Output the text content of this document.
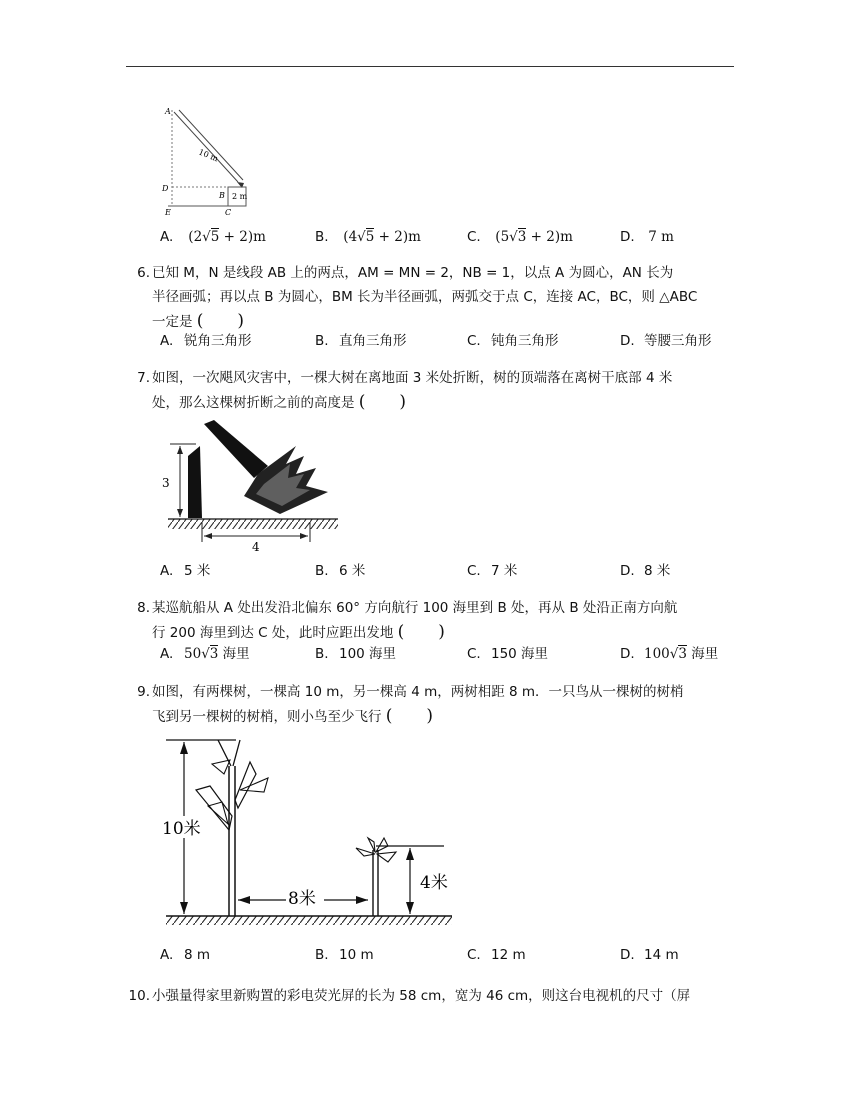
A
10 m
D
B 2 m
E	C
A. (2√5 + 2)m	B. (4√5 + 2)m	C. (5√3 + 2)m	D. 7 m
6. 已知 M，N 是线段 AB 上的两点，AM = MN = 2，NB = 1，以点 A 为圆心，AN 长为
半径画弧；再以点 B 为圆心，BM 长为半径画弧，两弧交于点 C，连接 AC，BC，则 △ABC
一定是 (　　)
A. 锐角三角形	B. 直角三角形	C. 钝角三角形	D. 等腰三角形
7. 如图，一次飓风灾害中，一棵大树在离地面 3 米处折断，树的顶端落在离树干底部 4 米
处，那么这棵树折断之前的高度是 (　　)
3
4
A. 5 米	B. 6 米	C. 7 米	D. 8 米
8. 某巡航船从 A 处出发沿北偏东 60° 方向航行 100 海里到 B 处，再从 B 处沿正南方向航
行 200 海里到达 C 处，此时应距出发地 (　　)
A. 50√3 海里	B. 100 海里	C. 150 海里	D. 100√3 海里
9. 如图，有两棵树，一棵高 10 m，另一棵高 4 m，两树相距 8 m．一只鸟从一棵树的树梢
飞到另一棵树的树梢，则小鸟至少飞行 (　　)
10米
8米
4米
A. 8 m	B. 10 m	C. 12 m	D. 14 m
10. 小强量得家里新购置的彩电荧光屏的长为 58 cm，宽为 46 cm，则这台电视机的尺寸（屏
